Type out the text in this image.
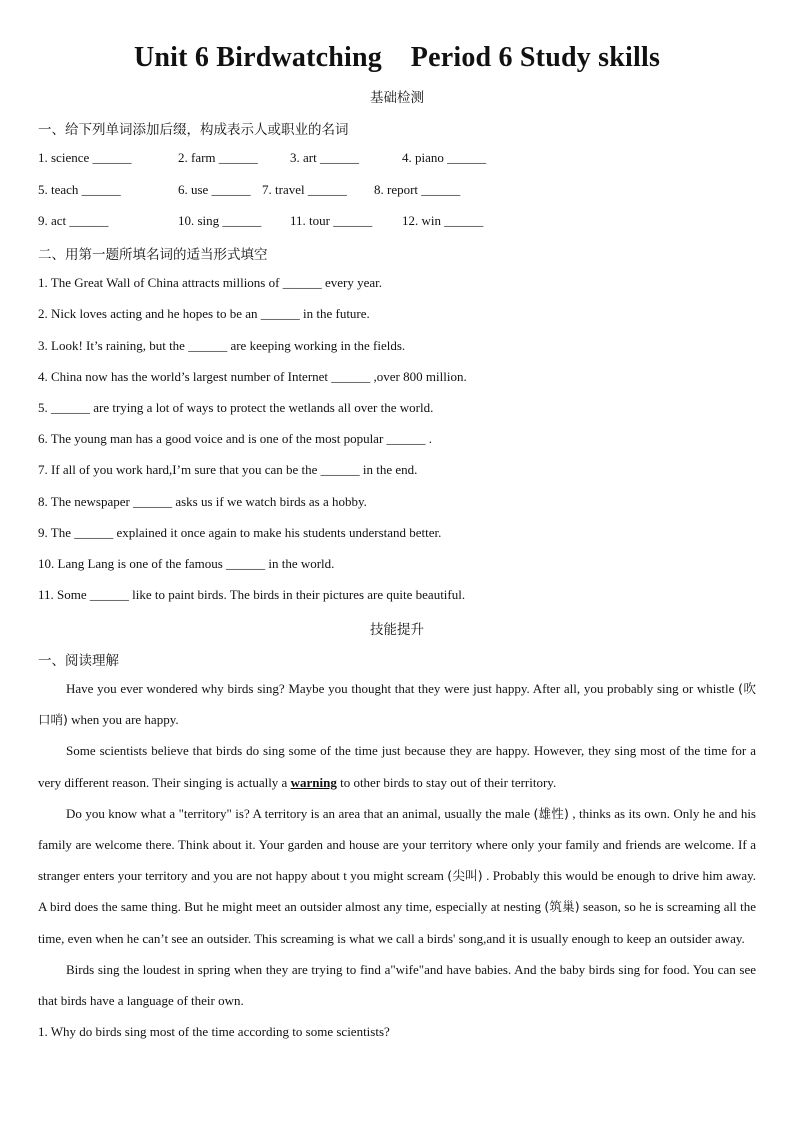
Unit 6 Birdwatching    Period 6 Study skills
基础检测
一、给下列单词添加后缀，构成表示人或职业的名词
1. science ______	2. farm ______ 3. art ______	4. piano ______
5. teach ______	6. use ______ 7. travel ______ 8. report ______
9. act ______	10. sing ______ 11. tour ______ 12. win ______
二、用第一题所填名词的适当形式填空
1. The Great Wall of China attracts millions of ______ every year.
2. Nick loves acting and he hopes to be an ______ in the future.
3. Look! It’s raining, but the ______ are keeping working in the fields.
4. China now has the world’s largest number of Internet ______ ,over 800 million.
5. ______ are trying a lot of ways to protect the wetlands all over the world.
6. The young man has a good voice and is one of the most popular ______ .
7. If all of you work hard,I’m sure that you can be the ______ in the end.
8. The newspaper ______ asks us if we watch birds as a hobby.
9. The ______ explained it once again to make his students understand better.
10. Lang Lang is one of the famous ______ in the world.
11. Some ______ like to paint birds. The birds in their pictures are quite beautiful.
技能提升
一、阅读理解

Have you ever wondered why birds sing? Maybe you thought that they were just happy. After all, you probably sing or whistle (吹口哨) when you are happy.

Some scientists believe that birds do sing some of the time just because they are happy. However, they sing most of the time for a very different reason. Their singing is actually a warning to other birds to stay out of their territory.

Do you know what a "territory" is? A territory is an area that an animal, usually the male (雄性) , thinks as its own. Only he and his family are welcome there. Think about it. Your garden and house are your territory where only your family and friends are welcome. If a stranger enters your territory and you are not happy about t you might scream (尖叫) . Probably this would be enough to drive him away. A bird does the same thing. But he might meet an outsider almost any time, especially at nesting (筑巢) season, so he is screaming all the time, even when he can’t see an outsider. This screaming is what we call a birds' song,and it is usually enough to keep an outsider away.

Birds sing the loudest in spring when they are trying to find a"wife"and have babies. And the baby birds sing for food. You can see that birds have a language of their own.

1. Why do birds sing most of the time according to some scientists?
